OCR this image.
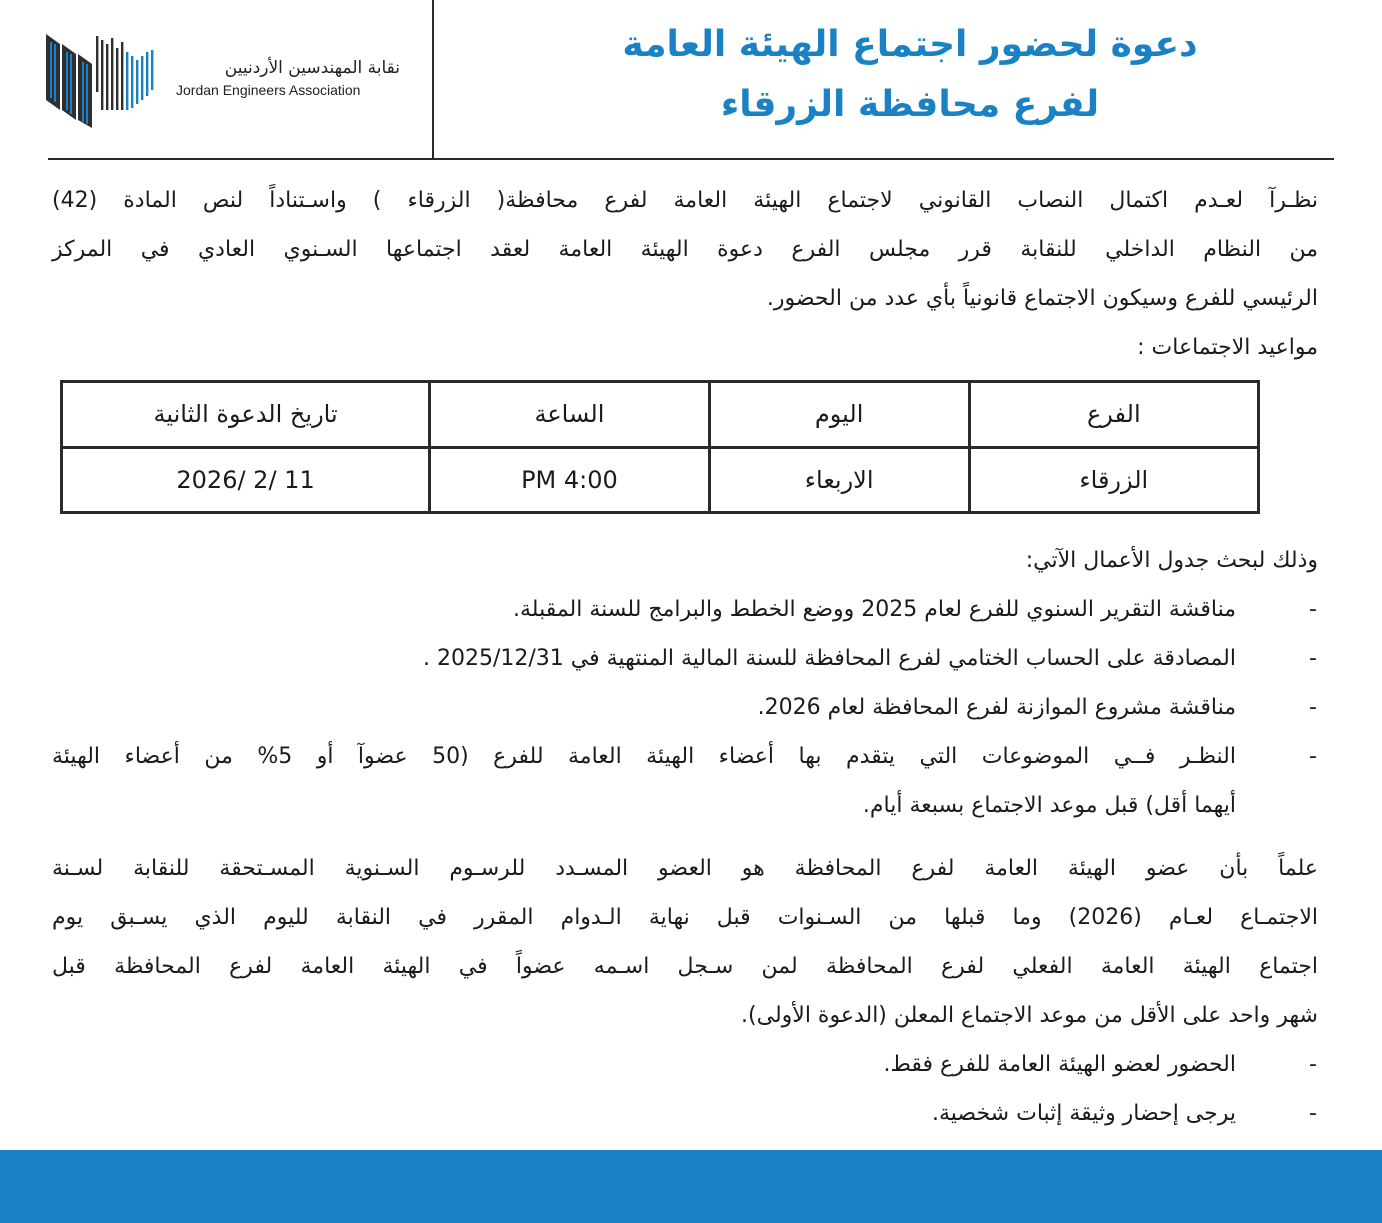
نقابة المهندسين الأردنيين
Jordan Engineers Association
دعوة لحضور اجتماع الهيئة العامة
لفرع محافظة الزرقاء
نظـرآ لعـدم اكتمال النصاب القانوني لاجتماع الهيئة العامة لفرع محافظة( الزرقاء ) واسـتناداً لنص المادة (42)
من النظام الداخلي للنقابة قرر مجلس الفرع دعوة الهيئة العامة لعقد اجتماعها السـنوي العادي في المركز
الرئيسي للفرع وسيكون الاجتماع قانونياً بأي عدد من الحضور.
مواعيد الاجتماعات :
الفرع	اليوم	الساعة	تاريخ الدعوة الثانية
الزرقاء	الاربعاء	PM 4:00	2026/ 2/ 11
وذلك لبحث جدول الأعمال الآتي:
-
مناقشة التقرير السنوي للفرع لعام 2025 ووضع الخطط والبرامج للسنة المقبلة.
-
المصادقة على الحساب الختامي لفرع المحافظة للسنة المالية المنتهية في 2025/12/31 .
-
مناقشة مشروع الموازنة لفرع المحافظة لعام 2026.
-
النظـر فــي الموضوعات التي يتقدم بها أعضاء الهيئة العامة للفرع (50 عضوآ أو 5% من أعضاء الهيئة
أيهما أقل) قبل موعد الاجتماع بسبعة أيام.
علماً بأن عضو الهيئة العامة لفرع المحافظة هو العضو المسـدد للرسـوم السـنوية المسـتحقة للنقابة لسـنة
الاجتمـاع لعـام (2026) وما قبلها من السـنوات قبل نهاية الـدوام المقرر في النقابة لليوم الذي يسـبق يوم
اجتماع الهيئة العامة الفعلي لفرع المحافظة لمن سـجل اسـمه عضواً في الهيئة العامة لفرع المحافظة قبل
شهر واحد على الأقل من موعد الاجتماع المعلن (الدعوة الأولى).
-
الحضور لعضو الهيئة العامة للفرع فقط.
-
يرجى إحضار وثيقة إثبات شخصية.
